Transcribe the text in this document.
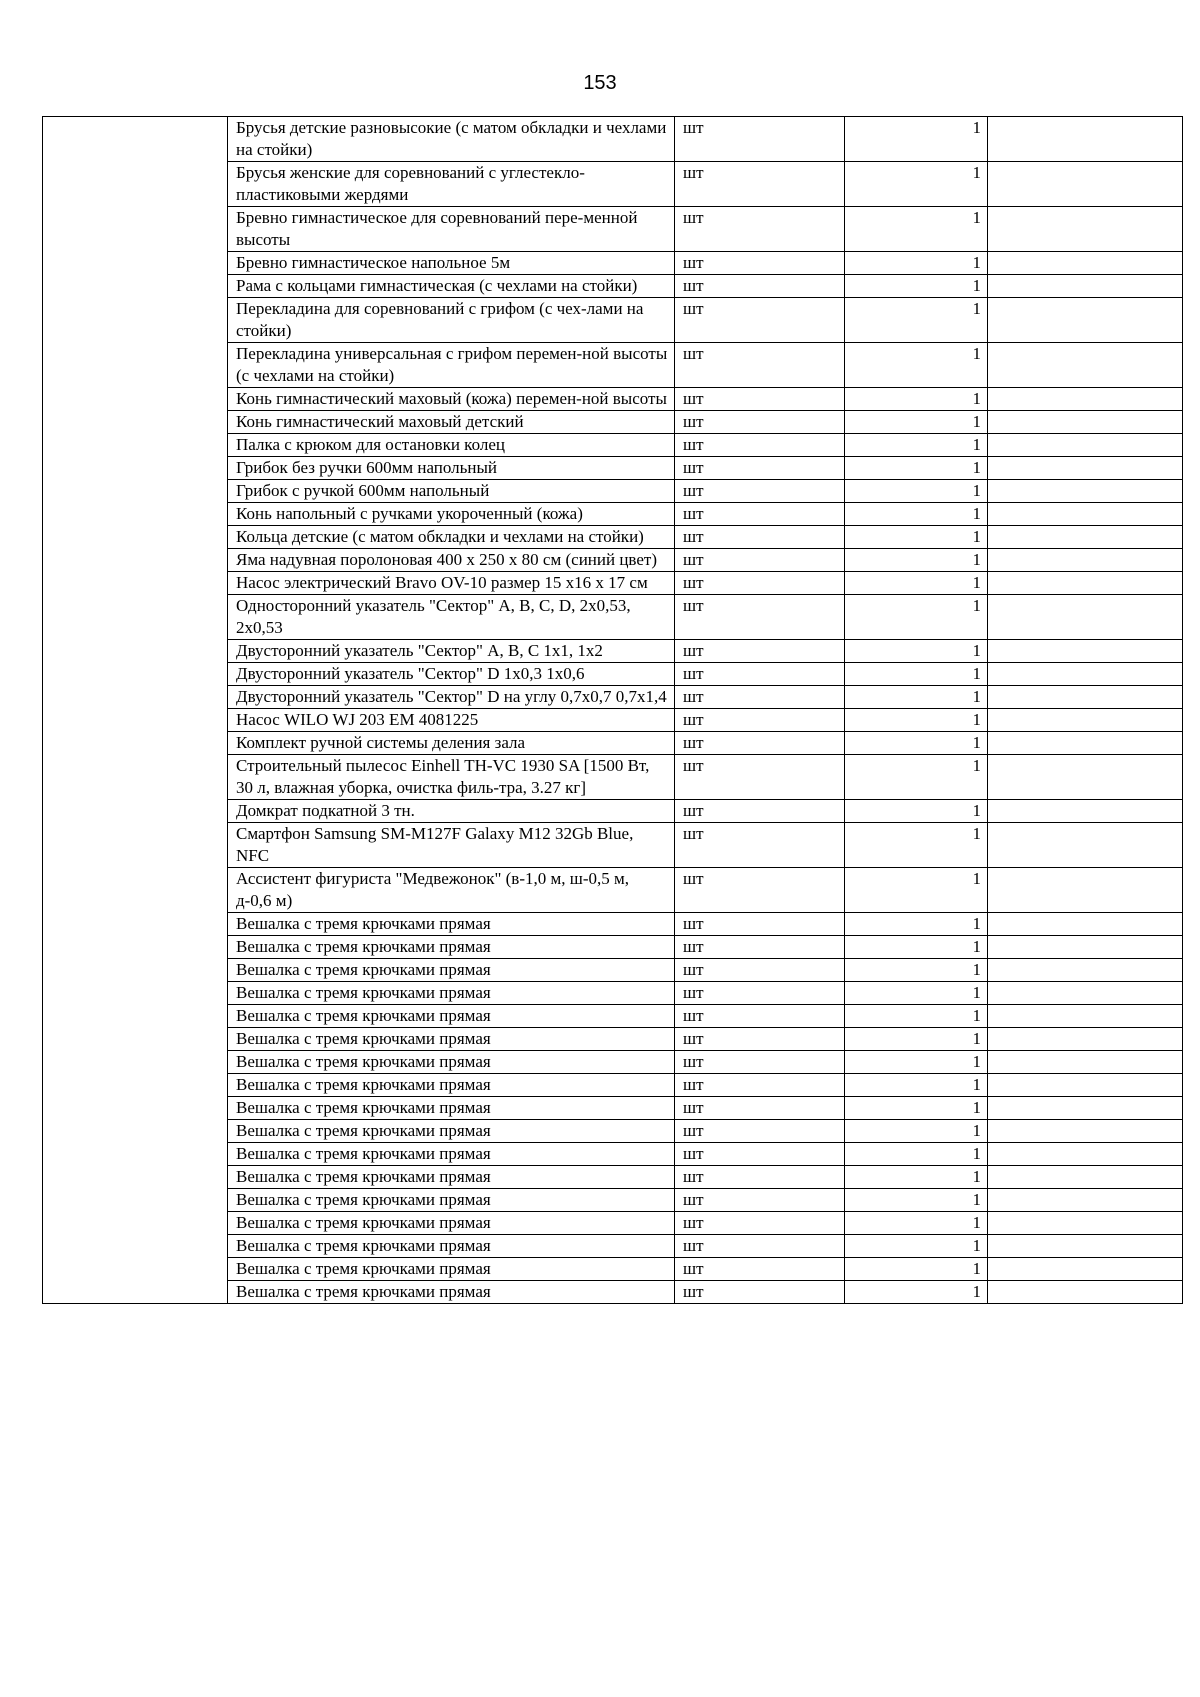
153
	Брусья детские разновысокие (с матом обкладки и чехлами на стойки)	шт	1	
	Брусья женские для соревнований с углестекло-пластиковыми жердями	шт	1	
	Бревно гимнастическое для соревнований пере-менной высоты	шт	1	
	Бревно гимнастическое напольное 5м	шт	1	
	Рама с кольцами гимнастическая (с чехлами на стойки)	шт	1	
	Перекладина для соревнований с грифом (с чех-лами на стойки)	шт	1	
	Перекладина универсальная с грифом перемен-ной высоты (с чехлами на стойки)	шт	1	
	Конь гимнастический маховый (кожа) перемен-ной высоты	шт	1	
	Конь гимнастический маховый детский	шт	1	
	Палка с крюком для остановки колец	шт	1	
	Грибок без ручки 600мм напольный	шт	1	
	Грибок с ручкой 600мм напольный	шт	1	
	Конь напольный с ручками укороченный (кожа)	шт	1	
	Кольца детские (с матом обкладки и чехлами на стойки)	шт	1	
	Яма надувная поролоновая 400 х 250 х 80 см (синий цвет)	шт	1	
	Насос электрический Bravo OV-10 размер 15 х16 х 17 см	шт	1	
	Односторонний указатель "Сектор" A, B, C, D, 2x0,53, 2x0,53	шт	1	
	Двусторонний указатель "Сектор" A, B, C 1x1, 1x2	шт	1	
	Двусторонний указатель "Сектор" D 1x0,3 1x0,6	шт	1	
	Двусторонний указатель "Сектор" D на углу 0,7x0,7 0,7x1,4	шт	1	
	Насос WILO WJ 203 EM 4081225	шт	1	
	Комплект ручной системы деления зала	шт	1	
	Строительный пылесос Einhell TH-VC 1930 SA [1500 Вт, 30 л, влажная уборка, очистка филь-тра, 3.27 кг]	шт	1	
	Домкрат подкатной 3 тн.	шт	1	
	Смартфон Samsung SM-M127F Galaxy M12 32Gb Blue, NFC	шт	1	
	Ассистент фигуриста "Медвежонок" (в-1,0 м, ш-0,5 м, д-0,6 м)	шт	1	
	Вешалка с тремя крючками прямая	шт	1	
	Вешалка с тремя крючками прямая	шт	1	
	Вешалка с тремя крючками прямая	шт	1	
	Вешалка с тремя крючками прямая	шт	1	
	Вешалка с тремя крючками прямая	шт	1	
	Вешалка с тремя крючками прямая	шт	1	
	Вешалка с тремя крючками прямая	шт	1	
	Вешалка с тремя крючками прямая	шт	1	
	Вешалка с тремя крючками прямая	шт	1	
	Вешалка с тремя крючками прямая	шт	1	
	Вешалка с тремя крючками прямая	шт	1	
	Вешалка с тремя крючками прямая	шт	1	
	Вешалка с тремя крючками прямая	шт	1	
	Вешалка с тремя крючками прямая	шт	1	
	Вешалка с тремя крючками прямая	шт	1	
	Вешалка с тремя крючками прямая	шт	1	
	Вешалка с тремя крючками прямая	шт	1	
